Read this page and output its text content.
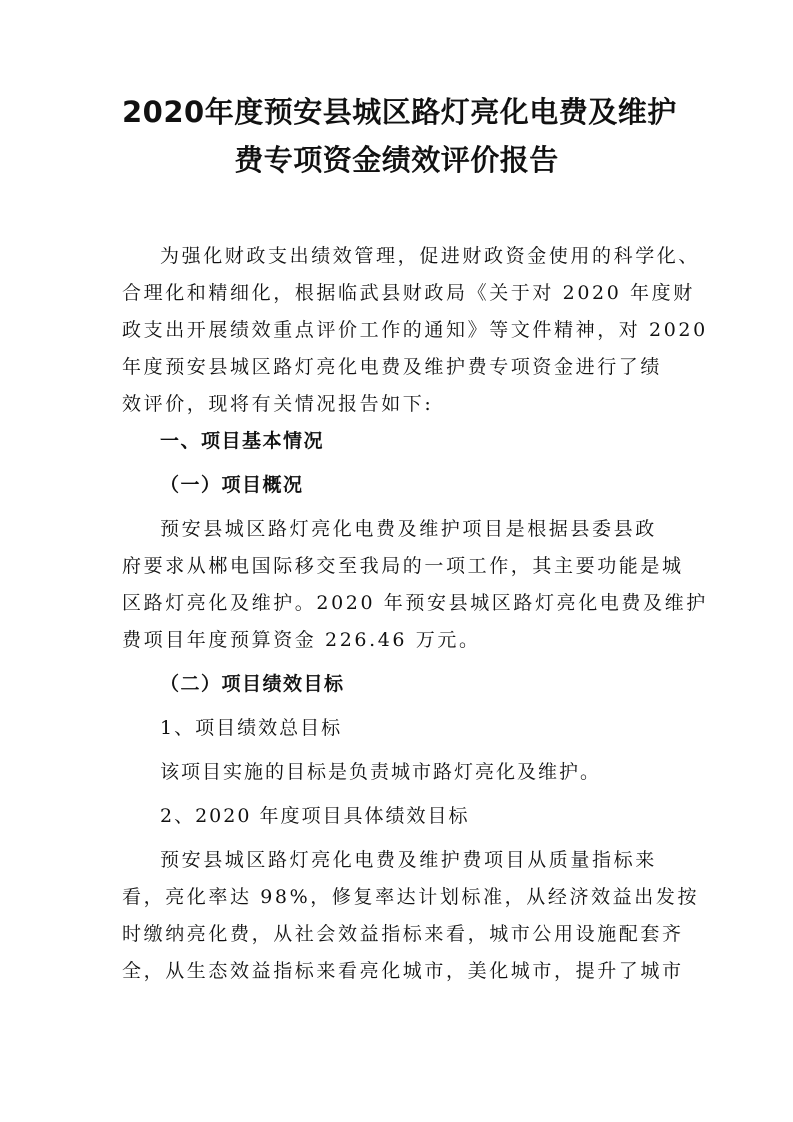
2020年度预安县城区路灯亮化电费及维护
费专项资金绩效评价报告

为强化财政支出绩效管理，促进财政资金使用的科学化、
合理化和精细化，根据临武县财政局《关于对 2020 年度财
政支出开展绩效重点评价工作的通知》等文件精神，对 2020
年度预安县城区路灯亮化电费及维护费专项资金进行了绩
效评价，现将有关情况报告如下:

一、项目基本情况

（一）项目概况

预安县城区路灯亮化电费及维护项目是根据县委县政
府要求从郴电国际移交至我局的一项工作，其主要功能是城
区路灯亮化及维护。2020 年预安县城区路灯亮化电费及维护
费项目年度预算资金 226.46 万元。

（二）项目绩效目标

1、项目绩效总目标

该项目实施的目标是负责城市路灯亮化及维护。

2、2020 年度项目具体绩效目标

预安县城区路灯亮化电费及维护费项目从质量指标来
看，亮化率达 98%，修复率达计划标准，从经济效益出发按
时缴纳亮化费，从社会效益指标来看，城市公用设施配套齐
全，从生态效益指标来看亮化城市，美化城市，提升了城市
